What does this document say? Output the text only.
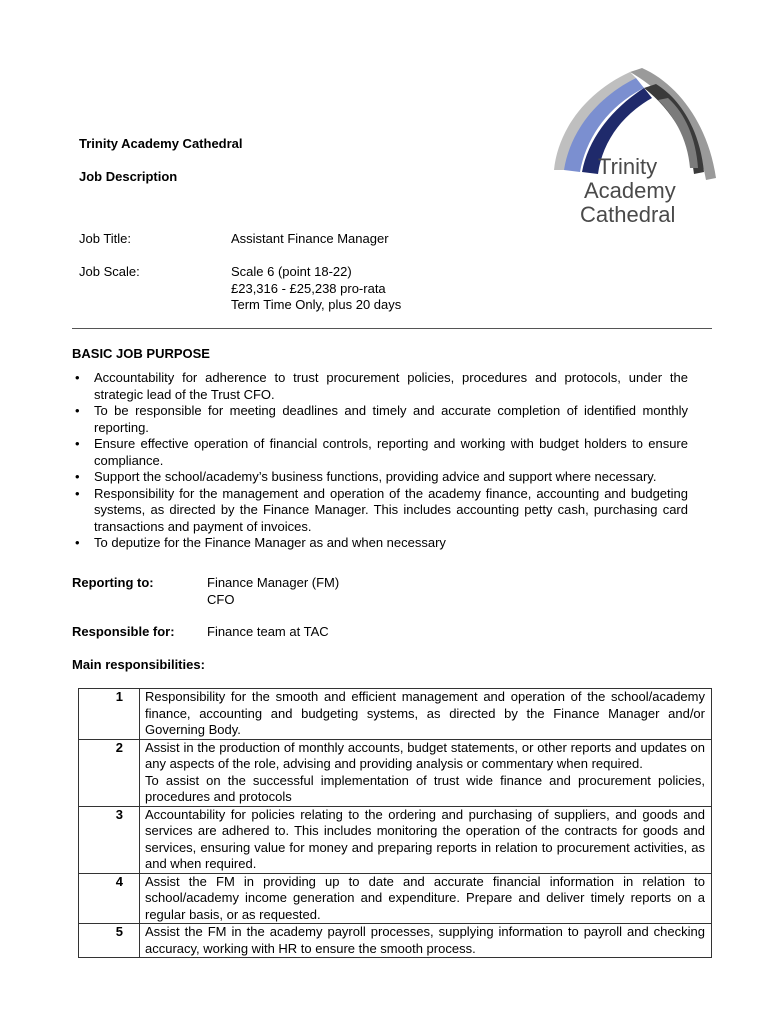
Trinity
Academy
Cathedral
Trinity Academy Cathedral
Job Description
Job Title:	Assistant Finance Manager
Job Scale:	Scale 6 (point 18-22)
£23,316 - £25,238 pro-rata
Term Time Only, plus 20 days
BASIC JOB PURPOSE
• Accountability for adherence to trust procurement policies, procedures and protocols, under the strategic lead of the Trust CFO.
• To be responsible for meeting deadlines and timely and accurate completion of identified monthly reporting.
• Ensure effective operation of financial controls, reporting and working with budget holders to ensure compliance.
• Support the school/academy’s business functions, providing advice and support where necessary.
• Responsibility for the management and operation of the academy finance, accounting and budgeting systems, as directed by the Finance Manager. This includes accounting petty cash, purchasing card transactions and payment of invoices.
• To deputize for the Finance Manager as and when necessary
Reporting to:	Finance Manager (FM)
CFO
Responsible for: Finance team at TAC
Main responsibilities:
1	Responsibility for the smooth and efficient management and operation of the school/academy finance, accounting and budgeting systems, as directed by the Finance Manager and/or Governing Body.
2	Assist in the production of monthly accounts, budget statements, or other reports and updates on any aspects of the role, advising and providing analysis or commentary when required.
To assist on the successful implementation of trust wide finance and procurement policies, procedures and protocols

3	Accountability for policies relating to the ordering and purchasing of suppliers, and goods and services are adhered to. This includes monitoring the operation of the contracts for goods and services, ensuring value for money and preparing reports in relation to procurement activities, as and when required.
4	Assist the FM in providing up to date and accurate financial information in relation to school/academy income generation and expenditure. Prepare and deliver timely reports on a regular basis, or as requested.
5	Assist the FM in the academy payroll processes, supplying information to payroll and checking accuracy, working with HR to ensure the smooth process.
